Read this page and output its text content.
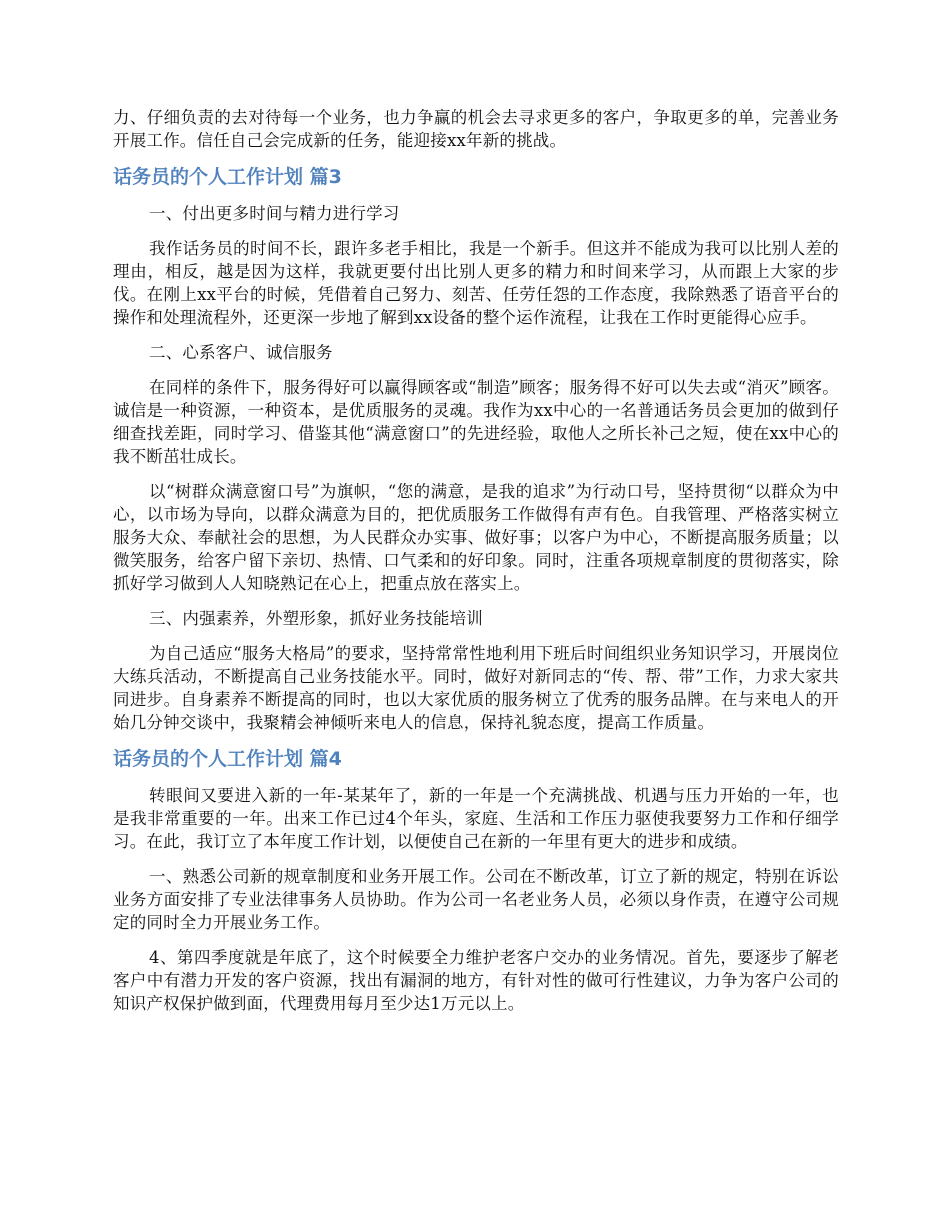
力、仔细负责的去对待每一个业务，也力争赢的机会去寻求更多的客户，争取更多的单，完善业务开展工作。信任自己会完成新的任务，能迎接xx年新的挑战。

话务员的个人工作计划 篇3

一、付出更多时间与精力进行学习

我作话务员的时间不长，跟许多老手相比，我是一个新手。但这并不能成为我可以比别人差的理由，相反，越是因为这样，我就更要付出比别人更多的精力和时间来学习，从而跟上大家的步伐。在刚上xx平台的时候，凭借着自己努力、刻苦、任劳任怨的工作态度，我除熟悉了语音平台的操作和处理流程外，还更深一步地了解到xx设备的整个运作流程，让我在工作时更能得心应手。

二、心系客户、诚信服务

在同样的条件下，服务得好可以赢得顾客或“制造”顾客；服务得不好可以失去或“消灭”顾客。诚信是一种资源，一种资本，是优质服务的灵魂。我作为xx中心的一名普通话务员会更加的做到仔细查找差距，同时学习、借鉴其他“满意窗口”的先进经验，取他人之所长补己之短，使在xx中心的我不断茁壮成长。

以“树群众满意窗口号”为旗帜，“您的满意，是我的追求”为行动口号，坚持贯彻“以群众为中心，以市场为导向，以群众满意为目的，把优质服务工作做得有声有色。自我管理、严格落实树立服务大众、奉献社会的思想，为人民群众办实事、做好事；以客户为中心，不断提高服务质量；以微笑服务，给客户留下亲切、热情、口气柔和的好印象。同时，注重各项规章制度的贯彻落实，除抓好学习做到人人知晓熟记在心上，把重点放在落实上。

三、内强素养，外塑形象，抓好业务技能培训

为自己适应“服务大格局”的要求，坚持常常性地利用下班后时间组织业务知识学习，开展岗位大练兵活动，不断提高自己业务技能水平。同时，做好对新同志的“传、帮、带”工作，力求大家共同进步。自身素养不断提高的同时，也以大家优质的服务树立了优秀的服务品牌。在与来电人的开始几分钟交谈中，我聚精会神倾听来电人的信息，保持礼貌态度，提高工作质量。

话务员的个人工作计划 篇4

转眼间又要进入新的一年-某某年了，新的一年是一个充满挑战、机遇与压力开始的一年，也是我非常重要的一年。出来工作已过4个年头，家庭、生活和工作压力驱使我要努力工作和仔细学习。在此，我订立了本年度工作计划，以便使自己在新的一年里有更大的进步和成绩。

一、熟悉公司新的规章制度和业务开展工作。公司在不断改革，订立了新的规定，特别在诉讼业务方面安排了专业法律事务人员协助。作为公司一名老业务人员，必须以身作责，在遵守公司规定的同时全力开展业务工作。

4、第四季度就是年底了，这个时候要全力维护老客户交办的业务情况。首先，要逐步了解老客户中有潜力开发的客户资源，找出有漏洞的地方，有针对性的做可行性建议，力争为客户公司的知识产权保护做到面，代理费用每月至少达1万元以上。
